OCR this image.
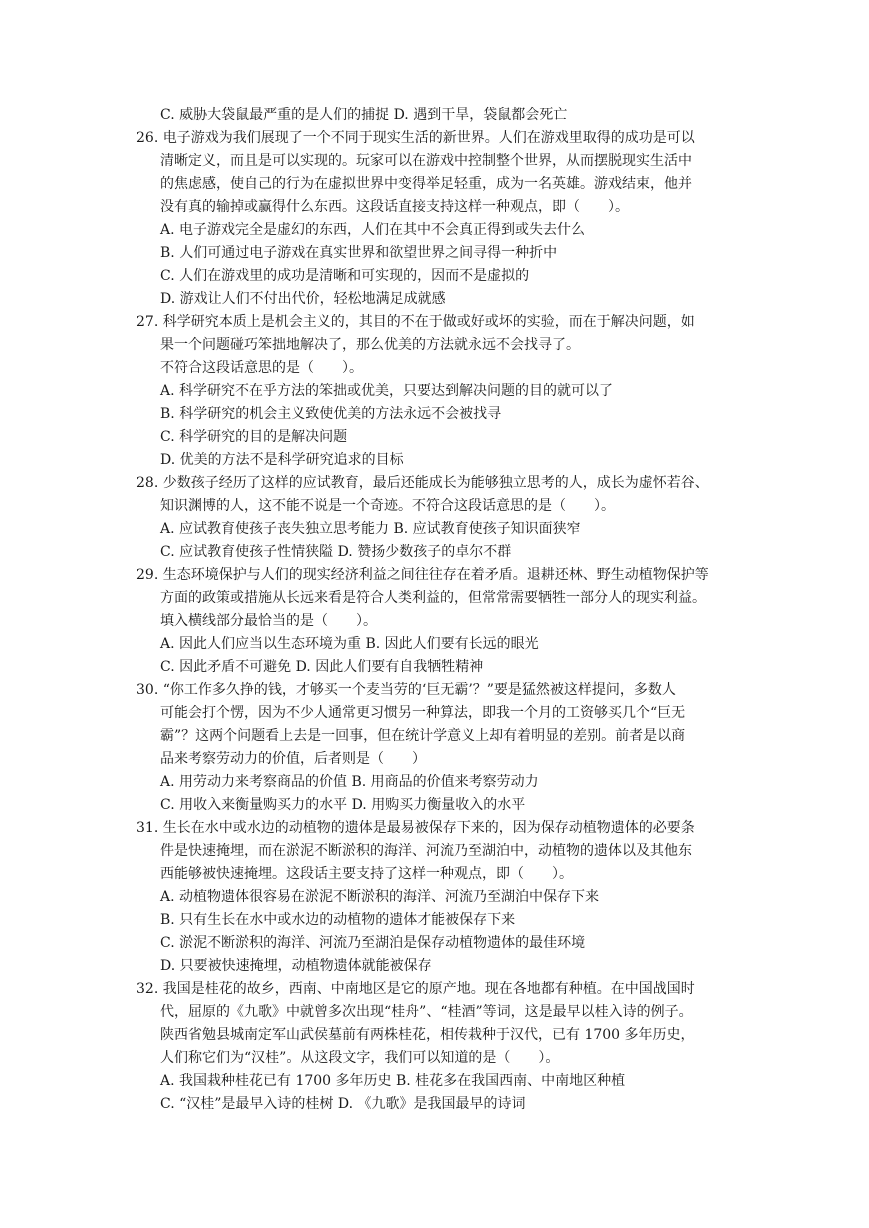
C. 威胁大袋鼠最严重的是人们的捕捉 D. 遇到干旱，袋鼠都会死亡
26. 电子游戏为我们展现了一个不同于现实生活的新世界。人们在游戏里取得的成功是可以
清晰定义，而且是可以实现的。玩家可以在游戏中控制整个世界，从而摆脱现实生活中
的焦虑感，使自己的行为在虚拟世界中变得举足轻重，成为一名英雄。游戏结束，他并
没有真的输掉或赢得什么东西。这段话直接支持这样一种观点，即（　　）。
A. 电子游戏完全是虚幻的东西，人们在其中不会真正得到或失去什么
B. 人们可通过电子游戏在真实世界和欲望世界之间寻得一种折中
C. 人们在游戏里的成功是清晰和可实现的，因而不是虚拟的
D. 游戏让人们不付出代价，轻松地满足成就感
27. 科学研究本质上是机会主义的，其目的不在于做或好或坏的实验，而在于解决问题，如
果一个问题碰巧笨拙地解决了，那么优美的方法就永远不会找寻了。
不符合这段话意思的是（　　）。
A. 科学研究不在乎方法的笨拙或优美，只要达到解决问题的目的就可以了
B. 科学研究的机会主义致使优美的方法永远不会被找寻
C. 科学研究的目的是解决问题
D. 优美的方法不是科学研究追求的目标
28. 少数孩子经历了这样的应试教育，最后还能成长为能够独立思考的人，成长为虚怀若谷、
知识渊博的人，这不能不说是一个奇迹。不符合这段话意思的是（　　）。
A. 应试教育使孩子丧失独立思考能力 B. 应试教育使孩子知识面狭窄
C. 应试教育使孩子性情狭隘 D. 赞扬少数孩子的卓尔不群
29. 生态环境保护与人们的现实经济利益之间往往存在着矛盾。退耕还林、野生动植物保护等
方面的政策或措施从长远来看是符合人类利益的，但常常需要牺牲一部分人的现实利益。
填入横线部分最恰当的是（　　）。
A. 因此人们应当以生态环境为重 B. 因此人们要有长远的眼光
C. 因此矛盾不可避免 D. 因此人们要有自我牺牲精神
30. “你工作多久挣的钱，才够买一个麦当劳的‘巨无霸’？”要是猛然被这样提问，多数人
可能会打个愣，因为不少人通常更习惯另一种算法，即我一个月的工资够买几个“巨无
霸”？这两个问题看上去是一回事，但在统计学意义上却有着明显的差别。前者是以商
品来考察劳动力的价值，后者则是（　　）
A. 用劳动力来考察商品的价值 B. 用商品的价值来考察劳动力
C. 用收入来衡量购买力的水平 D. 用购买力衡量收入的水平
31. 生长在水中或水边的动植物的遗体是最易被保存下来的，因为保存动植物遗体的必要条
件是快速掩埋，而在淤泥不断淤积的海洋、河流乃至湖泊中，动植物的遗体以及其他东
西能够被快速掩埋。这段话主要支持了这样一种观点，即（　　）。
A. 动植物遗体很容易在淤泥不断淤积的海洋、河流乃至湖泊中保存下来
B. 只有生长在水中或水边的动植物的遗体才能被保存下来
C. 淤泥不断淤积的海洋、河流乃至湖泊是保存动植物遗体的最佳环境
D. 只要被快速掩埋，动植物遗体就能被保存
32. 我国是桂花的故乡，西南、中南地区是它的原产地。现在各地都有种植。在中国战国时
代，屈原的《九歌》中就曾多次出现“桂舟”、“桂酒”等词，这是最早以桂入诗的例子。
陕西省勉县城南定军山武侯墓前有两株桂花，相传栽种于汉代，已有 1700 多年历史，
人们称它们为“汉桂”。从这段文字，我们可以知道的是（　　）。
A. 我国栽种桂花已有 1700 多年历史 B. 桂花多在我国西南、中南地区种植
C. “汉桂”是最早入诗的桂树 D. 《九歌》是我国最早的诗词
